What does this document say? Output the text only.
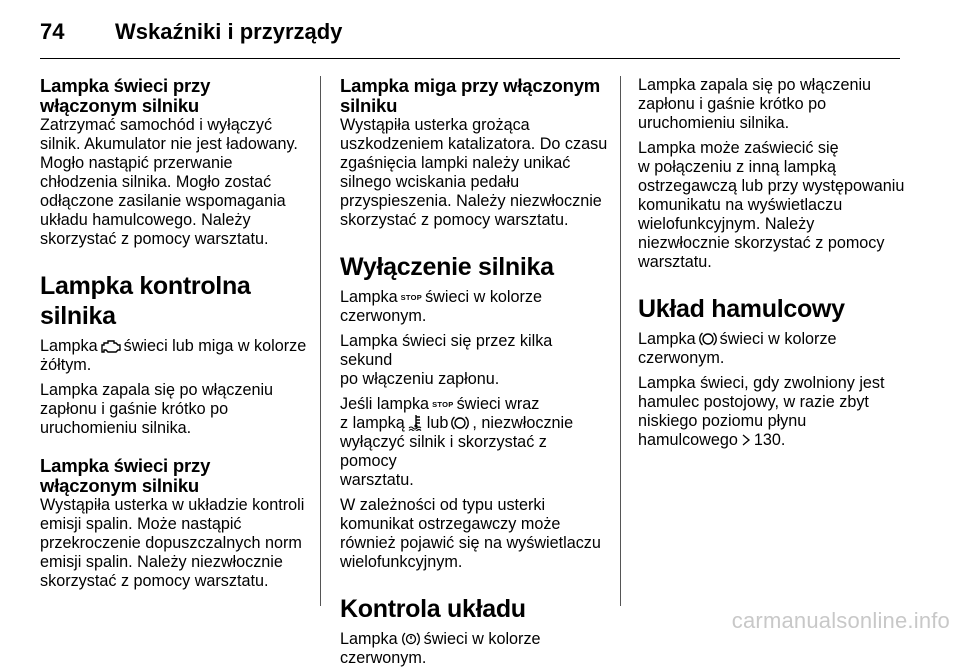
74	Wskaźniki i przyrządy
Lampka świeci przy włączonym silniku

Zatrzymać samochód i wyłączyć
silnik. Akumulator nie jest ładowany.
Mogło nastąpić przerwanie
chłodzenia silnika. Mogło zostać
odłączone zasilanie wspomagania
układu hamulcowego. Należy
skorzystać z pomocy warsztatu.

Lampka kontrolna silnika

Lampka świeci lub miga w kolorze
żółtym.

Lampka zapala się po włączeniu
zapłonu i gaśnie krótko po
uruchomieniu silnika.

Lampka świeci przy włączonym silniku

Wystąpiła usterka w układzie kontroli
emisji spalin. Może nastąpić
przekroczenie dopuszczalnych norm
emisji spalin. Należy niezwłocznie
skorzystać z pomocy warsztatu.

Lampka miga przy włączonym silniku

Wystąpiła usterka grożąca
uszkodzeniem katalizatora. Do czasu
zgaśnięcia lampki należy unikać
silnego wciskania pedału
przyspieszenia. Należy niezwłocznie
skorzystać z pomocy warsztatu.

Wyłączenie silnika

Lampka STOP świeci w kolorze
czerwonym.

Lampka świeci się przez kilka sekund
po włączeniu zapłonu.

Jeśli lampka STOP świeci wraz
z lampką lub , niezwłocznie
wyłączyć silnik i skorzystać z pomocy
warsztatu.

W zależności od typu usterki
komunikat ostrzegawczy może
również pojawić się na wyświetlaczu
wielofunkcyjnym.

Kontrola układu

Lampka świeci w kolorze
czerwonym.

Lampka zapala się po włączeniu
zapłonu i gaśnie krótko po
uruchomieniu silnika.

Lampka może zaświecić się
w połączeniu z inną lampką
ostrzegawczą lub przy występowaniu
komunikatu na wyświetlaczu
wielofunkcyjnym. Należy
niezwłocznie skorzystać z pomocy
warsztatu.

Układ hamulcowy

Lampka świeci w kolorze
czerwonym.

Lampka świeci, gdy zwolniony jest
hamulec postojowy, w razie zbyt
niskiego poziomu płynu
hamulcowego 130.

carmanualsonline.info
